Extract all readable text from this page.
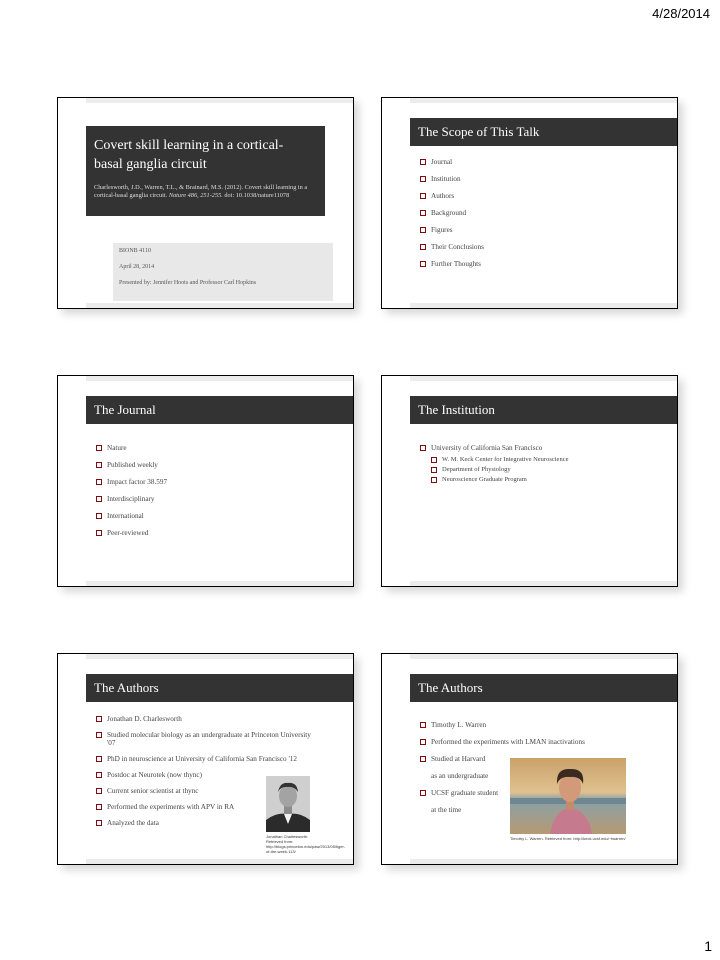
4/28/2014
Covert skill learning in a cortical-basal ganglia circuit
Charlesworth, J.D., Warren, T.L., & Brainard, M.S. (2012). Covert skill learning in a cortical-basal ganglia circuit. Nature 486, 251-255. doi: 10.1038/nature11078
BIONB 4110
April 28, 2014
Presented by: Jennifer Hoots and Professor Carl Hopkins
The Scope of This Talk
Journal
Institution
Authors
Background
Figures
Their Conclusions
Further Thoughts
The Journal
Nature
Published weekly
Impact factor 38.597
Interdisciplinary
International
Peer-reviewed
The Institution
University of California San Francisco
W. M. Keck Center for Integrative Neuroscience
Department of Physiology
Neuroscience Graduate Program
The Authors
Jonathan D. Charlesworth
Studied molecular biology as an undergraduate at Princeton University '07
PhD in neuroscience at University of California San Francisco '12
Postdoc at Neurotek (now thync)
Current senior scientist at thync
Performed the experiments with APV in RA
Analyzed the data
Jonathan Charlesworth. Retrieved from: http://blogs.princeton.edu/paw/2013/05/tiger-of-the-week-113/
The Authors
Timothy L. Warren
Performed the experiments with LMAN inactivations
Studied at Harvard
as an undergraduate
UCSF graduate student
at the time
Timothy L. Warren. Retrieved from: http://keck.ucsf.edu/~twarren/
1
